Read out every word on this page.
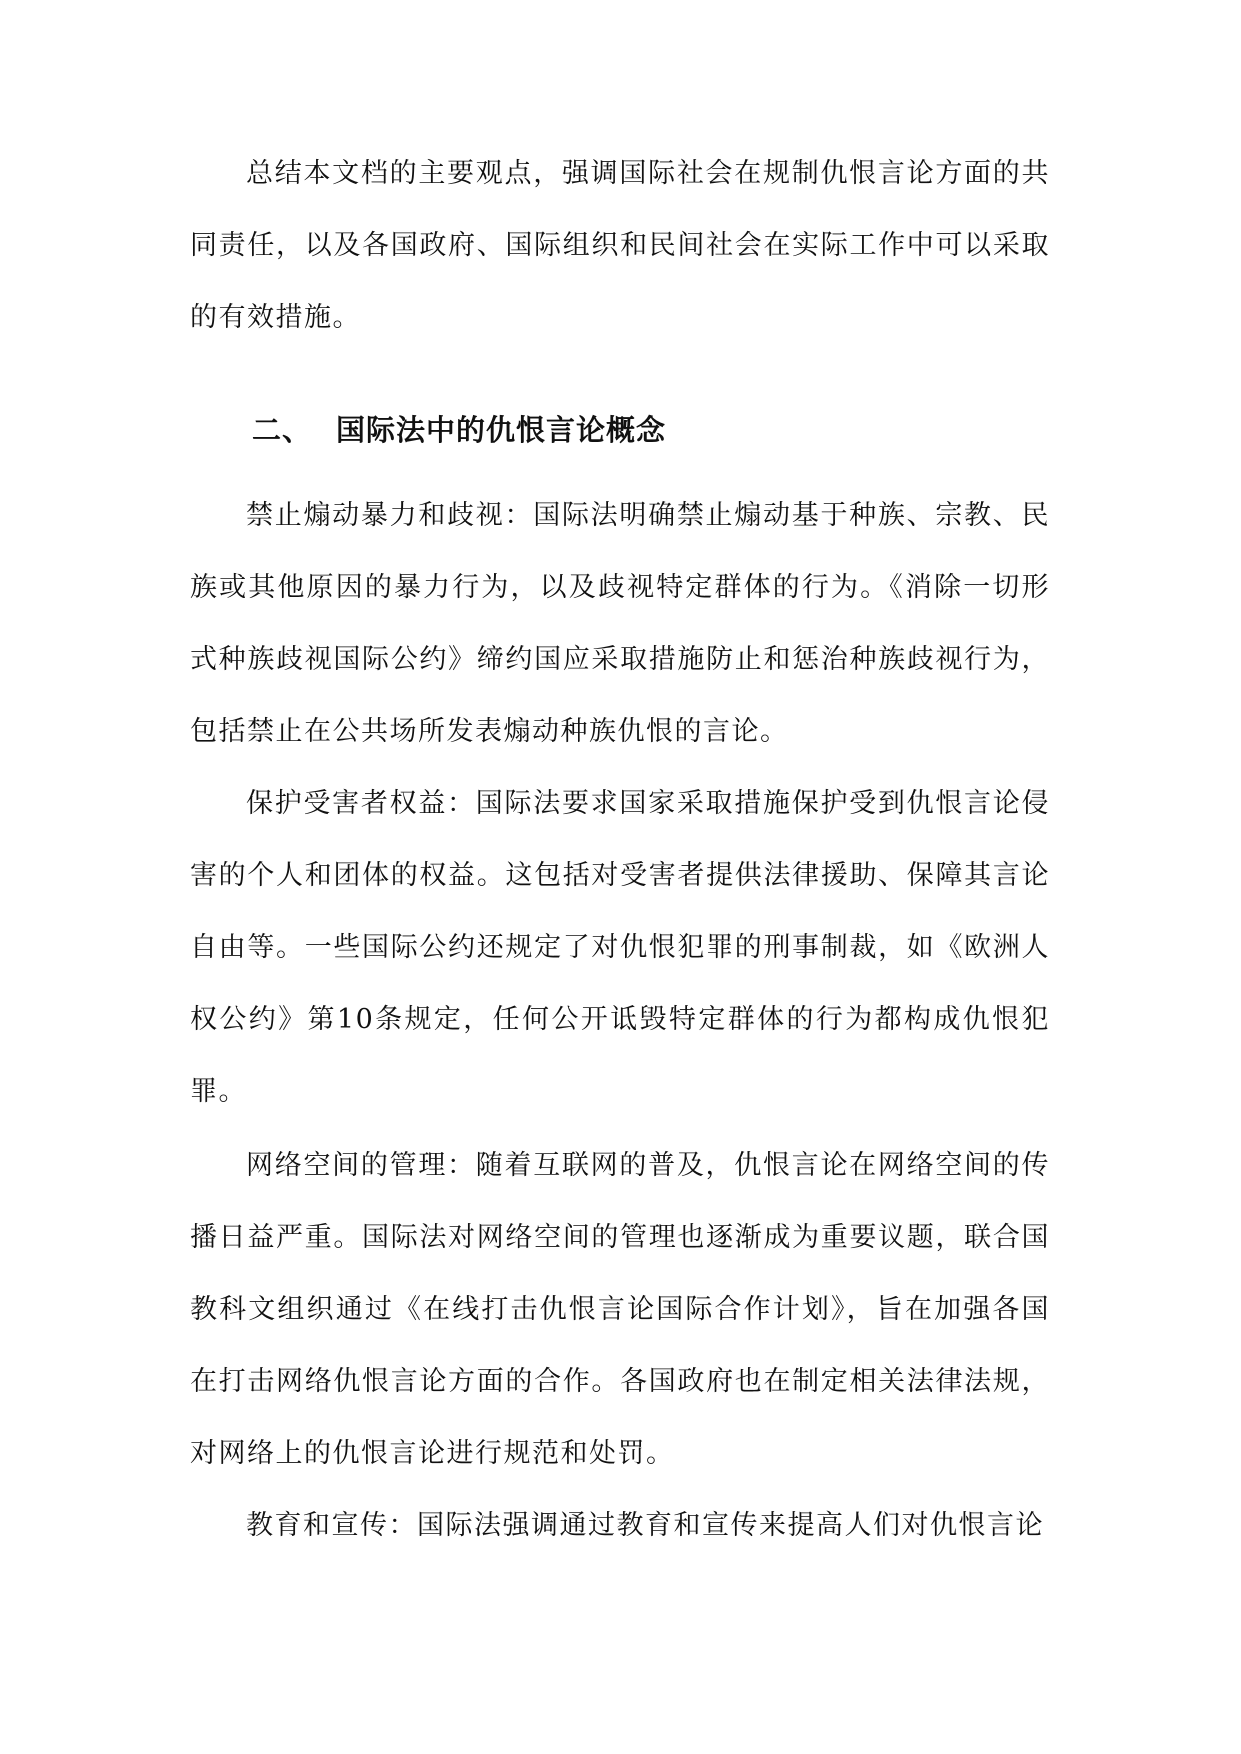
总结本文档的主要观点，强调国际社会在规制仇恨言论方面的共同责任，以及各国政府、国际组织和民间社会在实际工作中可以采取的有效措施。

二、 国际法中的仇恨言论概念

禁止煽动暴力和歧视：国际法明确禁止煽动基于种族、宗教、民族或其他原因的暴力行为，以及歧视特定群体的行为。《消除一切形式种族歧视国际公约》缔约国应采取措施防止和惩治种族歧视行为，包括禁止在公共场所发表煽动种族仇恨的言论。

保护受害者权益：国际法要求国家采取措施保护受到仇恨言论侵害的个人和团体的权益。这包括对受害者提供法律援助、保障其言论自由等。一些国际公约还规定了对仇恨犯罪的刑事制裁，如《欧洲人权公约》第10条规定，任何公开诋毁特定群体的行为都构成仇恨犯罪。

网络空间的管理：随着互联网的普及，仇恨言论在网络空间的传播日益严重。国际法对网络空间的管理也逐渐成为重要议题，联合国教科文组织通过《在线打击仇恨言论国际合作计划》，旨在加强各国在打击网络仇恨言论方面的合作。各国政府也在制定相关法律法规，对网络上的仇恨言论进行规范和处罚。

教育和宣传：国际法强调通过教育和宣传来提高人们对仇恨言论
